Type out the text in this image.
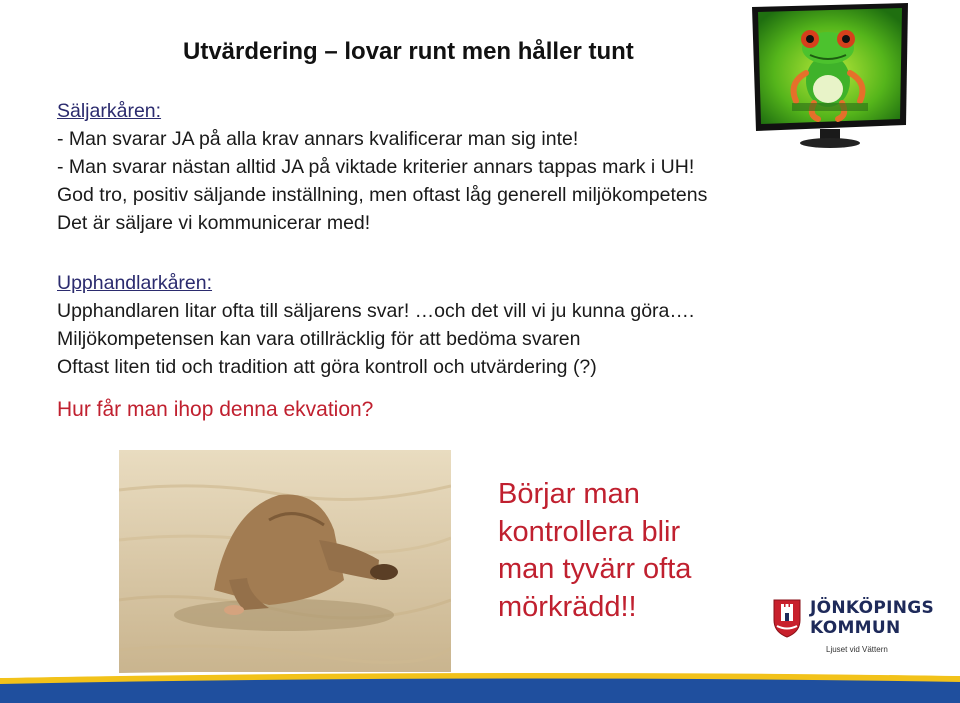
Utvärdering – lovar runt men håller tunt
Säljarkåren:
- Man svarar JA på alla krav annars kvalificerar man sig inte!
- Man svarar nästan alltid JA på viktade kriterier annars tappas mark i UH!
God tro, positiv säljande inställning, men oftast låg generell miljökompetens
Det är säljare vi kommunicerar med!
Upphandlarkåren:
Upphandlaren litar ofta till säljarens svar! …och det vill vi ju kunna göra….
Miljökompetensen kan vara otillräcklig för att bedöma svaren
Oftast liten tid och tradition att göra kontroll och utvärdering (?)
Hur får man ihop denna ekvation?
Börjar man
kontrollera blir
man tyvärr ofta
mörkrädd!!	JÖNKÖPINGS
KOMMUN
Ljuset vid Vättern
